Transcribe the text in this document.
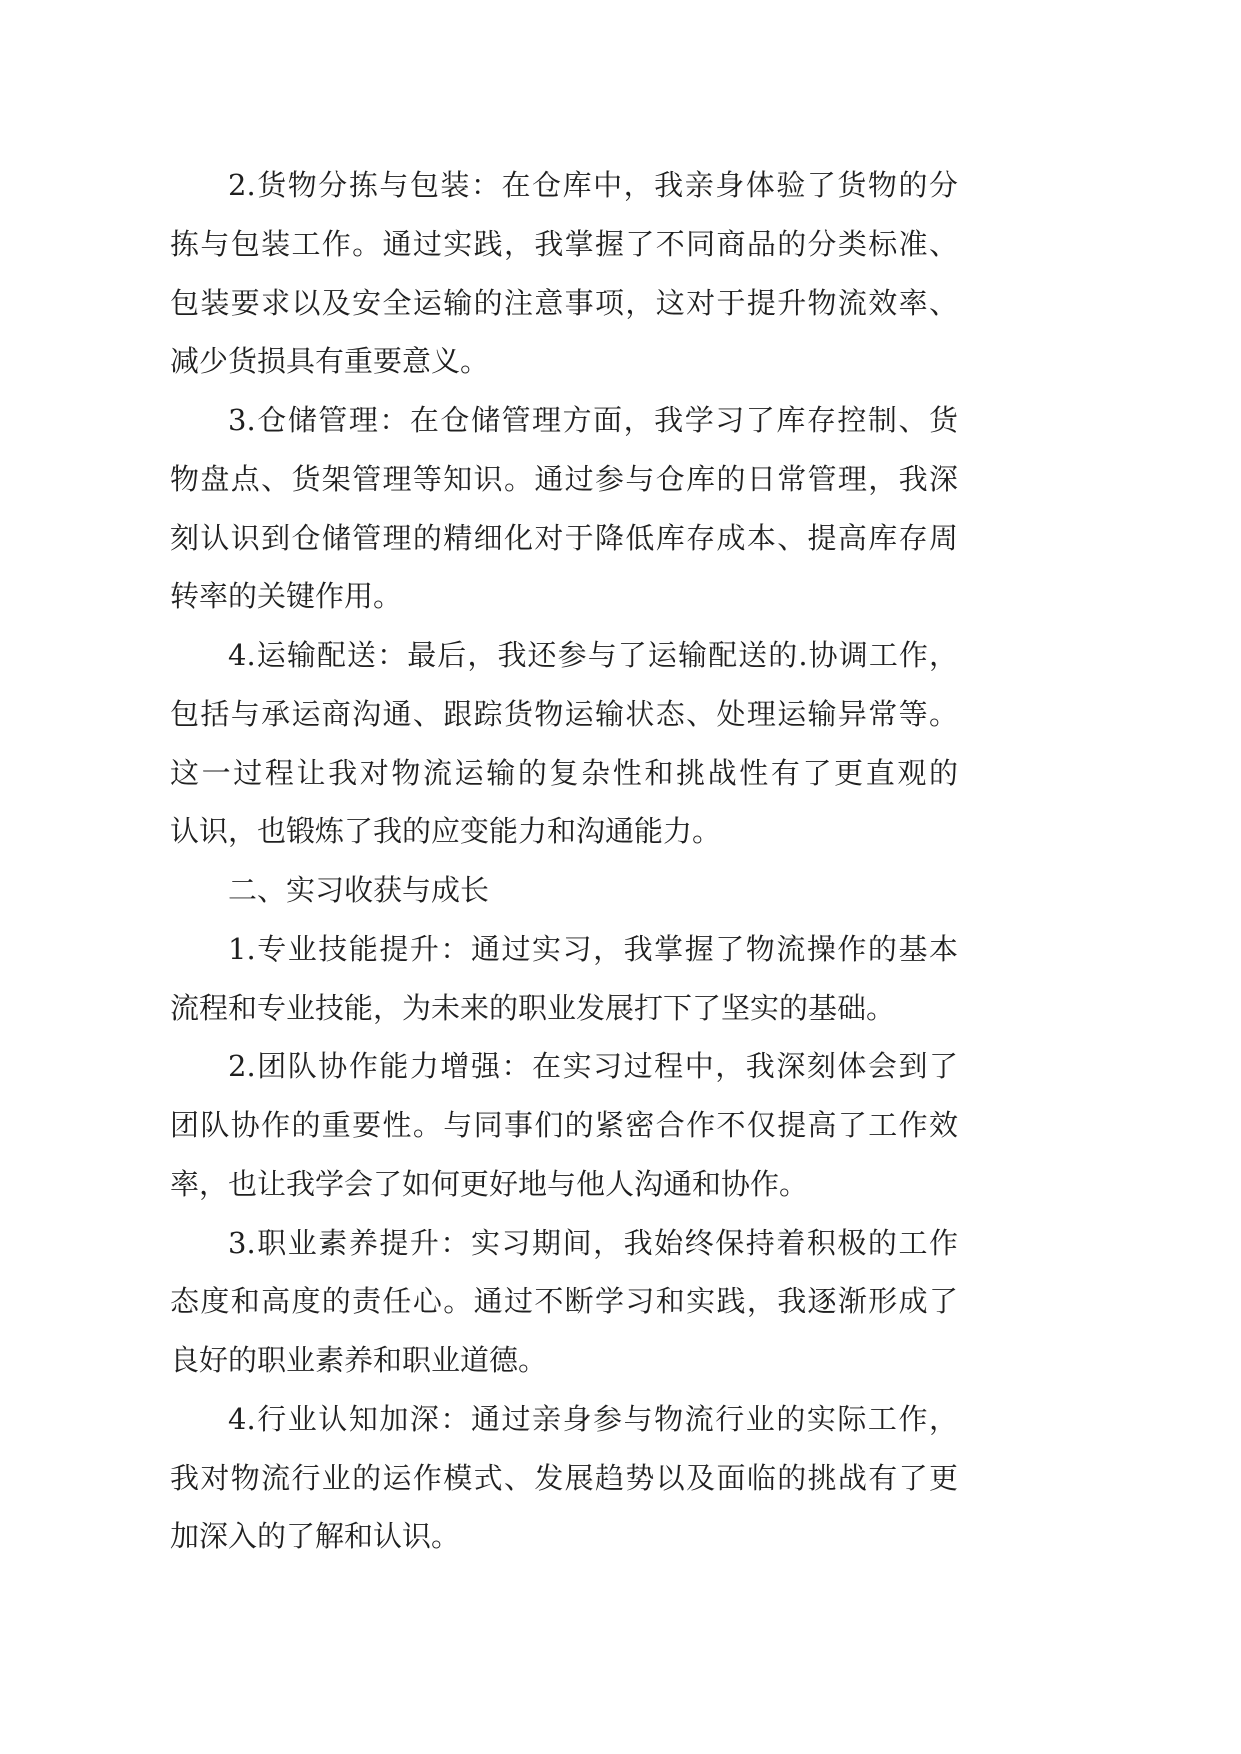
2.货物分拣与包装：在仓库中，我亲身体验了货物的分
拣与包装工作。通过实践，我掌握了不同商品的分类标准、
包装要求以及安全运输的注意事项，这对于提升物流效率、
减少货损具有重要意义。
3.仓储管理：在仓储管理方面，我学习了库存控制、货
物盘点、货架管理等知识。通过参与仓库的日常管理，我深
刻认识到仓储管理的精细化对于降低库存成本、提高库存周
转率的关键作用。
4.运输配送：最后，我还参与了运输配送的.协调工作，
包括与承运商沟通、跟踪货物运输状态、处理运输异常等。
这一过程让我对物流运输的复杂性和挑战性有了更直观的
认识，也锻炼了我的应变能力和沟通能力。
二、实习收获与成长
1.专业技能提升：通过实习，我掌握了物流操作的基本
流程和专业技能，为未来的职业发展打下了坚实的基础。
2.团队协作能力增强：在实习过程中，我深刻体会到了
团队协作的重要性。与同事们的紧密合作不仅提高了工作效
率，也让我学会了如何更好地与他人沟通和协作。
3.职业素养提升：实习期间，我始终保持着积极的工作
态度和高度的责任心。通过不断学习和实践，我逐渐形成了
良好的职业素养和职业道德。
4.行业认知加深：通过亲身参与物流行业的实际工作，
我对物流行业的运作模式、发展趋势以及面临的挑战有了更
加深入的了解和认识。
